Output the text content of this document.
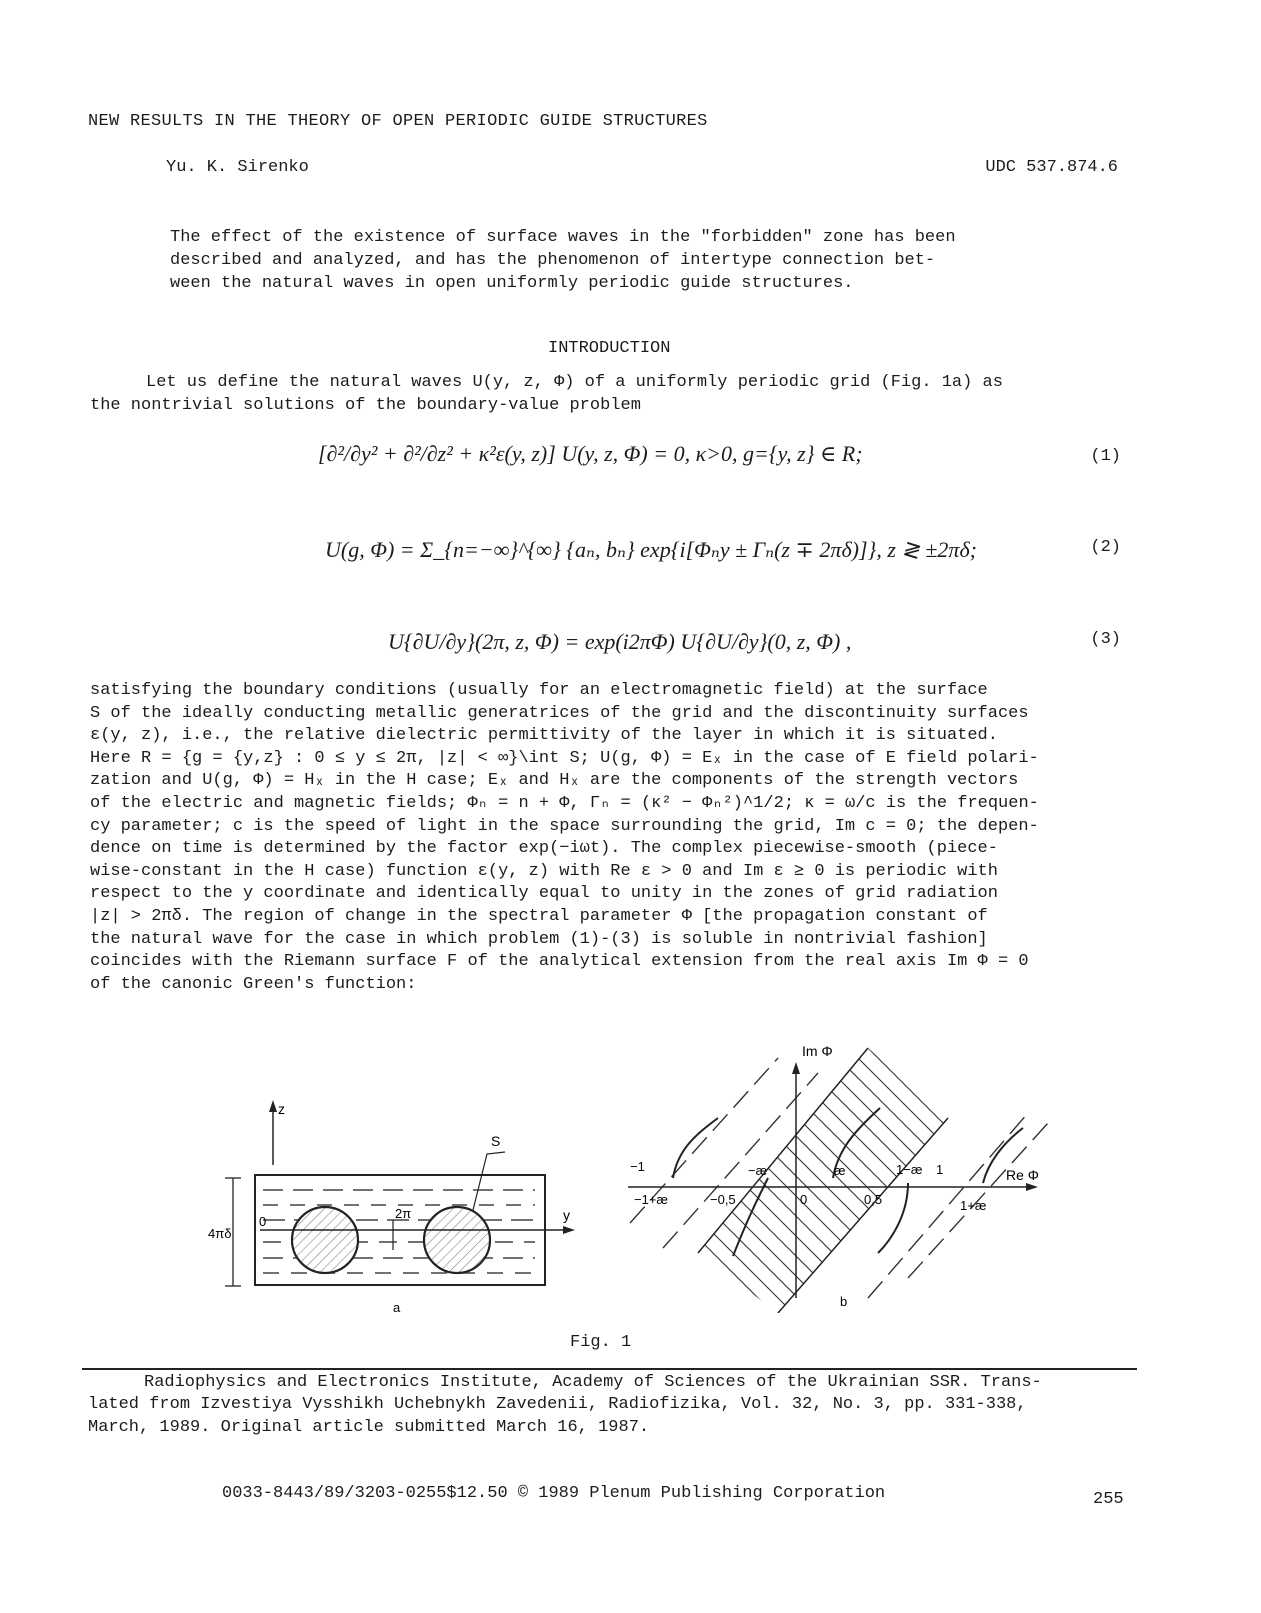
NEW RESULTS IN THE THEORY OF OPEN PERIODIC GUIDE STRUCTURES
Yu. K. Sirenko	UDC 537.874.6
The effect of the existence of surface waves in the "forbidden" zone has been
described and analyzed, and has the phenomenon of intertype connection bet-
ween the natural waves in open uniformly periodic guide structures.
INTRODUCTION
Let us define the natural waves U(y, z, Φ) of a uniformly periodic grid (Fig. 1a) as
the nontrivial solutions of the boundary-value problem
[∂²/∂y² + ∂²/∂z² + κ²ε(y, z)] U(y, z, Φ) = 0, κ>0, g={y, z} ∈ R;	(1)
U(g, Φ) = Σ_{n=−∞}^{∞} {aₙ, bₙ} exp{i[Φₙy ± Γₙ(z ∓ 2πδ)]}, z ≷ ±2πδ;	(2)
U{∂U/∂y}(2π, z, Φ) = exp(i2πΦ) U{∂U/∂y}(0, z, Φ) ,	(3)
satisfying the boundary conditions (usually for an electromagnetic field) at the surface
S of the ideally conducting metallic generatrices of the grid and the discontinuity surfaces
ε(y, z), i.e., the relative dielectric permittivity of the layer in which it is situated.
Here R = {g = {y,z} : 0 ≤ y ≤ 2π, |z| < ∞}\int S; U(g, Φ) = Eₓ in the case of E field polari-
zation and U(g, Φ) = Hₓ in the H case; Eₓ and Hₓ are the components of the strength vectors
of the electric and magnetic fields; Φₙ = n + Φ, Γₙ = (κ² − Φₙ²)^1/2; κ = ω/c is the frequen-
cy parameter; c is the speed of light in the space surrounding the grid, Im c = 0; the depen-
dence on time is determined by the factor exp(−iωt). The complex piecewise-smooth (piece-
wise-constant in the H case) function ε(y, z) with Re ε > 0 and Im ε ≥ 0 is periodic with
respect to the y coordinate and identically equal to unity in the zones of grid radiation
|z| > 2πδ. The region of change in the spectral parameter Φ [the propagation constant of
the natural wave for the case in which problem (1)-(3) is soluble in nontrivial fashion]
coincides with the Riemann surface F of the analytical extension from the real axis Im Φ = 0
of the canonic Green's function:
z
y
0
2π
S
4πδ
a
Re Φ
Im Φ
−1	−æ	æ	1−æ 1
−1+æ	−0,5	0	0,5	1+æ
b
Fig. 1
Radiophysics and Electronics Institute, Academy of Sciences of the Ukrainian SSR. Trans-
lated from Izvestiya Vysshikh Uchebnykh Zavedenii, Radiofizika, Vol. 32, No. 3, pp. 331-338,
March, 1989. Original article submitted March 16, 1987.
0033-8443/89/3203-0255$12.50 © 1989 Plenum Publishing Corporation	255
